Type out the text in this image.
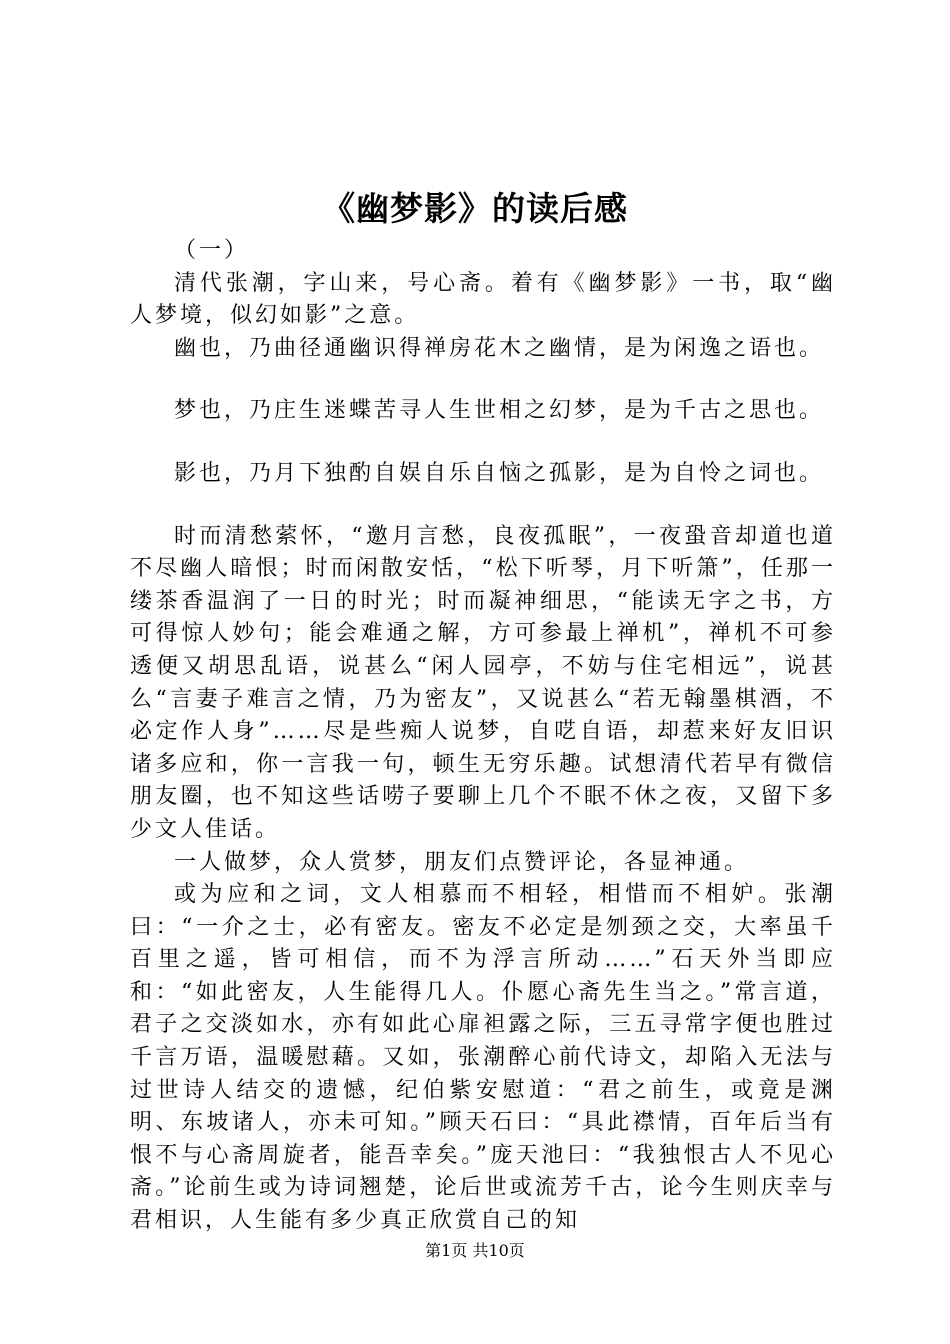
《幽梦影》的读后感

（一）

清代张潮，字山来，号心斋。着有《幽梦影》一书，取“幽人梦境，似幻如影”之意。

幽也，乃曲径通幽识得禅房花木之幽情，是为闲逸之语也。

梦也，乃庄生迷蝶苦寻人生世相之幻梦，是为千古之思也。

影也，乃月下独酌自娱自乐自恼之孤影，是为自怜之词也。

时而清愁萦怀，“邀月言愁，良夜孤眠”，一夜蛩音却道也道不尽幽人暗恨；时而闲散安恬，“松下听琴，月下听箫”，任那一缕茶香温润了一日的时光；时而凝神细思，“能读无字之书，方可得惊人妙句；能会难通之解，方可参最上禅机”，禅机不可参透便又胡思乱语，说甚么“闲人园亭，不妨与住宅相远”，说甚么“言妻子难言之情，乃为密友”，又说甚么“若无翰墨棋酒，不必定作人身”……尽是些痴人说梦，自呓自语，却惹来好友旧识诸多应和，你一言我一句，顿生无穷乐趣。试想清代若早有微信朋友圈，也不知这些话唠子要聊上几个不眠不休之夜，又留下多少文人佳话。

一人做梦，众人赏梦，朋友们点赞评论，各显神通。

或为应和之词，文人相慕而不相轻，相惜而不相妒。张潮曰：“一介之士，必有密友。密友不必定是刎颈之交，大率虽千百里之遥，皆可相信，而不为浮言所动……”石天外当即应和：“如此密友，人生能得几人。仆愿心斋先生当之。”常言道，君子之交淡如水，亦有如此心扉袒露之际，三五寻常字便也胜过千言万语，温暖慰藉。又如，张潮醉心前代诗文，却陷入无法与过世诗人结交的遗憾，纪伯紫安慰道：“君之前生，或竟是渊明、东坡诸人，亦未可知。”顾天石曰：“具此襟情，百年后当有恨不与心斋周旋者，能吾幸矣。”庞天池曰：“我独恨古人不见心斋。”论前生或为诗词翘楚，论后世或流芳千古，论今生则庆幸与君相识，人生能有多少真正欣赏自己的知

第1页 共10页
